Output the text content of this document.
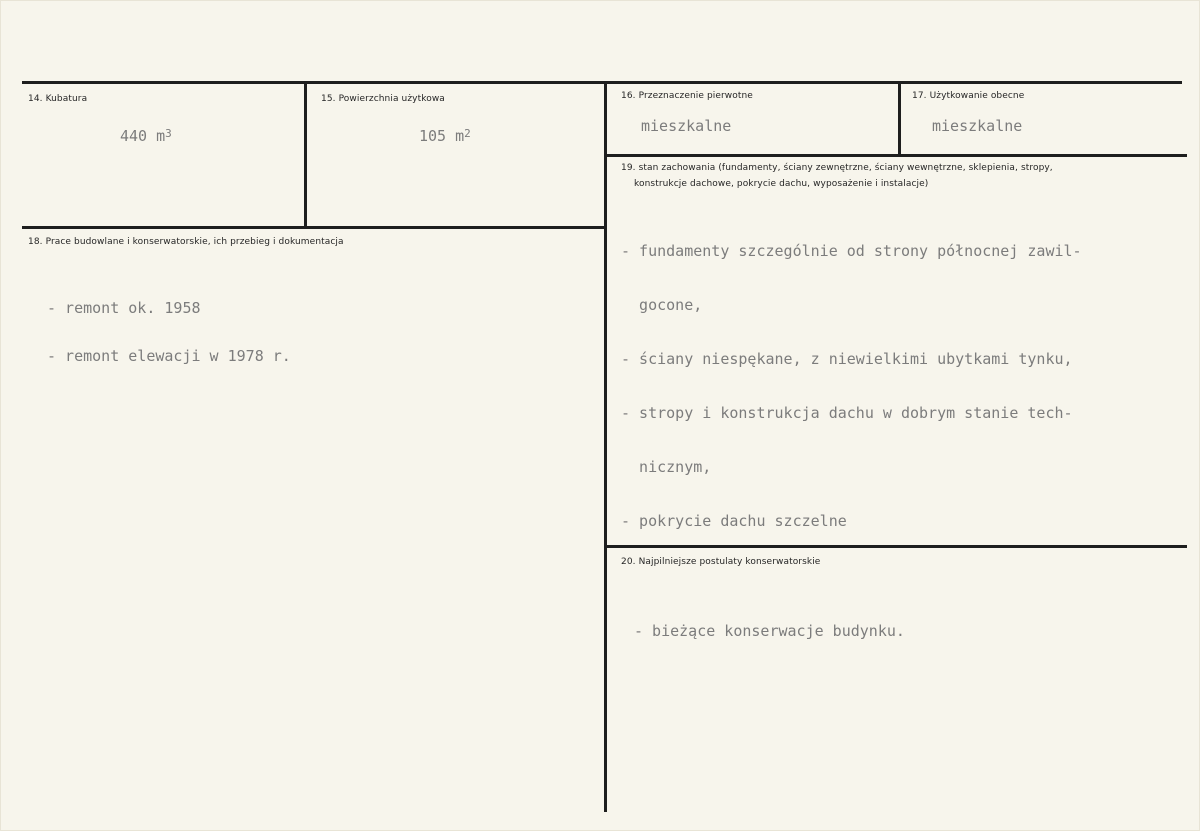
14. Kubatura
440 $m^3$
15. Powierzchnia użytkowa
105 $m^2$
16. Przeznaczenie pierwotne
mieszkalne
17. Użytkowanie obecne
mieszkalne
18. Prace budowlane i konserwatorskie, ich przebieg i dokumentacja

- remont ok. 1958

- remont elewacji w 1978 r.

19. stan zachowania (fundamenty, ściany zewnętrzne, ściany wewnętrzne, sklepienia, stropy,
konstrukcje dachowe, pokrycie dachu, wyposażenie i instalacje)

- fundamenty szczególnie od strony północnej zawil-

gocone,

- ściany niespękane, z niewielkimi ubytkami tynku,

- stropy i konstrukcja dachu w dobrym stanie tech-

nicznym,

- pokrycie dachu szczelne

20. Najpilniejsze postulaty konserwatorskie

- bieżące konserwacje budynku.
